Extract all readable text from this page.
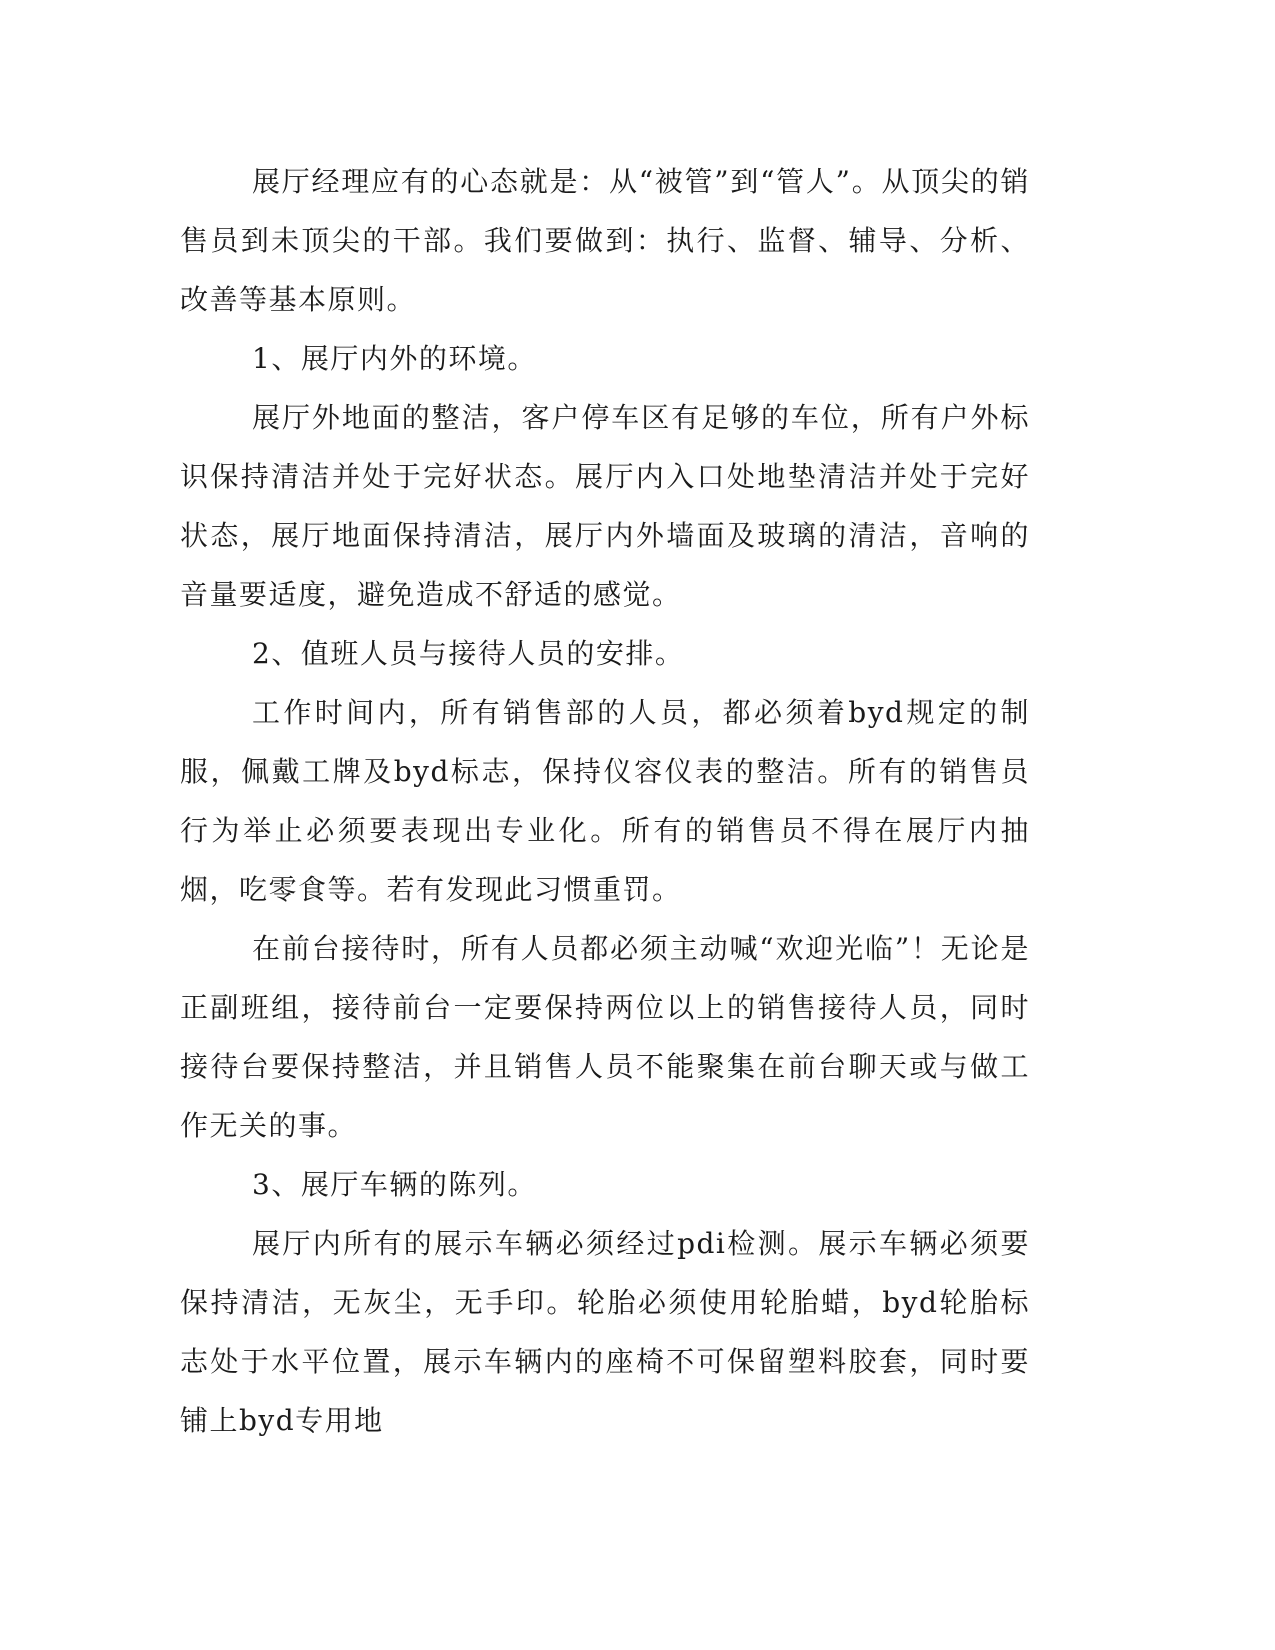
展厅经理应有的心态就是：从“被管”到“管人”。从顶尖的销售员到未顶尖的干部。我们要做到：执行、监督、辅导、分析、改善等基本原则。

1、展厅内外的环境。

展厅外地面的整洁，客户停车区有足够的车位，所有户外标识保持清洁并处于完好状态。展厅内入口处地垫清洁并处于完好状态，展厅地面保持清洁，展厅内外墙面及玻璃的清洁，音响的音量要适度，避免造成不舒适的感觉。

2、值班人员与接待人员的安排。

工作时间内，所有销售部的人员，都必须着byd规定的制服，佩戴工牌及byd标志，保持仪容仪表的整洁。所有的销售员行为举止必须要表现出专业化。所有的销售员不得在展厅内抽烟，吃零食等。若有发现此习惯重罚。

在前台接待时，所有人员都必须主动喊“欢迎光临”！无论是正副班组，接待前台一定要保持两位以上的销售接待人员，同时接待台要保持整洁，并且销售人员不能聚集在前台聊天或与做工作无关的事。

3、展厅车辆的陈列。

展厅内所有的展示车辆必须经过pdi检测。展示车辆必须要保持清洁，无灰尘，无手印。轮胎必须使用轮胎蜡，byd轮胎标志处于水平位置，展示车辆内的座椅不可保留塑料胶套，同时要铺上byd专用地
